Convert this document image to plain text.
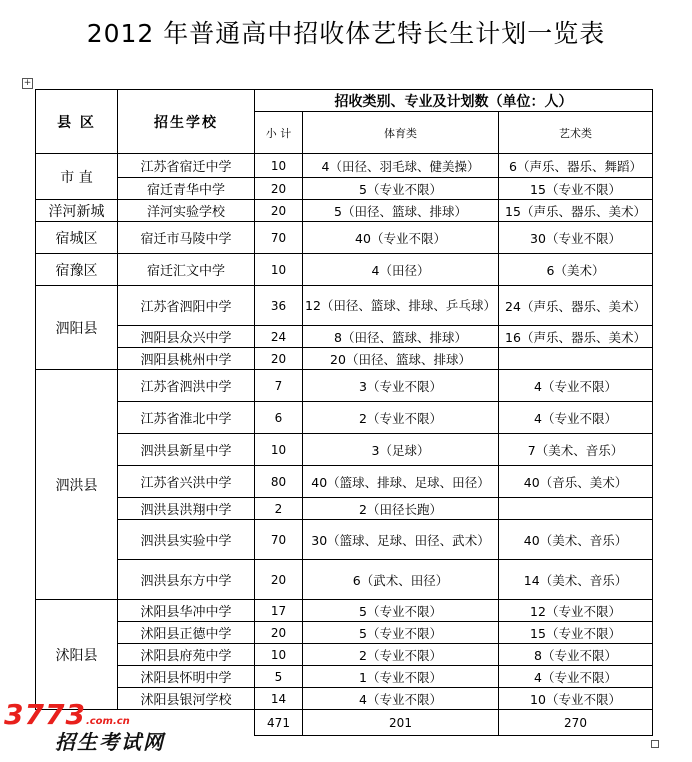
2012 年普通高中招收体艺特长生计划一览表
+
县 区	招生学校	招收类别、专业及计划数（单位：人）		
		小 计	体育类	艺术类
市 直	江苏省宿迁中学	10	4（田径、羽毛球、健美操）	6（声乐、器乐、舞蹈）
	宿迁青华中学	20	5（专业不限）	15（专业不限）
洋河新城	洋河实验学校	20	5（田径、篮球、排球）	15（声乐、器乐、美术）
宿城区	宿迁市马陵中学	70	40（专业不限）	30（专业不限）
宿豫区	宿迁汇文中学	10	4（田径）	6（美术）
泗阳县	江苏省泗阳中学	36	12（田径、篮球、排球、乒乓球）	24（声乐、器乐、美术）
	泗阳县众兴中学	24	8（田径、篮球、排球）	16（声乐、器乐、美术）
	泗阳县桃州中学	20	20（田径、篮球、排球）	
泗洪县	江苏省泗洪中学	7	3（专业不限）	4（专业不限）
	江苏省淮北中学	6	2（专业不限）	4（专业不限）
	泗洪县新星中学	10	3（足球）	7（美术、音乐）
	江苏省兴洪中学	80	40（篮球、排球、足球、田径）	40（音乐、美术）
	泗洪县洪翔中学	2	2（田径长跑）	
	泗洪县实验中学	70	30（篮球、足球、田径、武术）	40（美术、音乐）
	泗洪县东方中学	20	6（武术、田径）	14（美术、音乐）
沭阳县	沭阳县华冲中学	17	5（专业不限）	12（专业不限）
	沭阳县正德中学	20	5（专业不限）	15（专业不限）
	沭阳县府苑中学	10	2（专业不限）	8（专业不限）
	沭阳县怀明中学	5	1（专业不限）	4（专业不限）
	沭阳县银河学校	14	4（专业不限）	10（专业不限）
		471	201	270
3773.com.cn
招生考试网
